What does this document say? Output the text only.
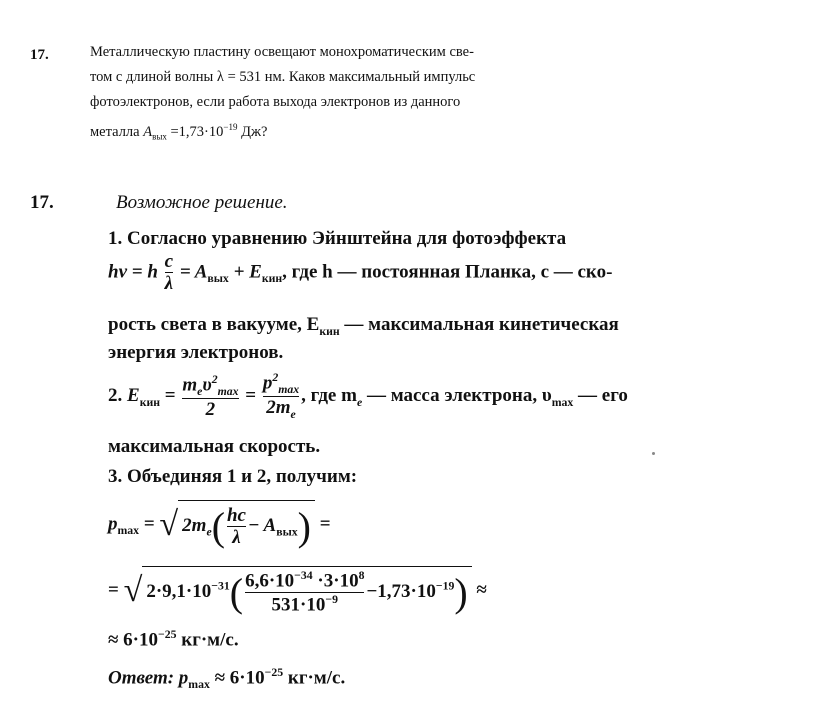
17.	Металлическую пластину освещают монохроматическим све-
том с длиной волны λ = 531 нм. Каков максимальный импульс
фотоэлектронов, если работа выхода электронов из данного
металла $A_{вых} =1,73\cdot 10^{-19}$ Дж?
17.	Возможное решение.
1. Согласно уравнению Эйнштейна для фотоэффекта
hν = h $\frac{c}{\lambda} = A_{вых} + E_{кин}$, где h — постоянная Планка, c — ско-
рость света в вакууме, $E_{кин}$ — максимальная кинетическая
энергия электронов.
2. $E_{кин} = \frac{m_e\upsilon^2_{max}}{2} = \frac{p^2_{max}}{2m_e}$ , где $m_e$ — масса электрона, $\upsilon_{max}$ — его
максимальная скорость.
3. Объединяя 1 и 2, получим:
$p_{max}$ = √ $2m_e( \frac{hc}{\lambda} - A_{вых})$ =
= √ $2\cdot 9,1\cdot 10^{-31}( \frac{6,6\cdot 10^{-34} \cdot 3\cdot 10^8}{531\cdot 10^{-9}} -1,73\cdot 10^{-19})$ ≈
≈ $6\cdot 10^{-25}$ кг·м/с.
Ответ: $p_{max} \approx 6\cdot 10^{-25}$ кг·м/с.
